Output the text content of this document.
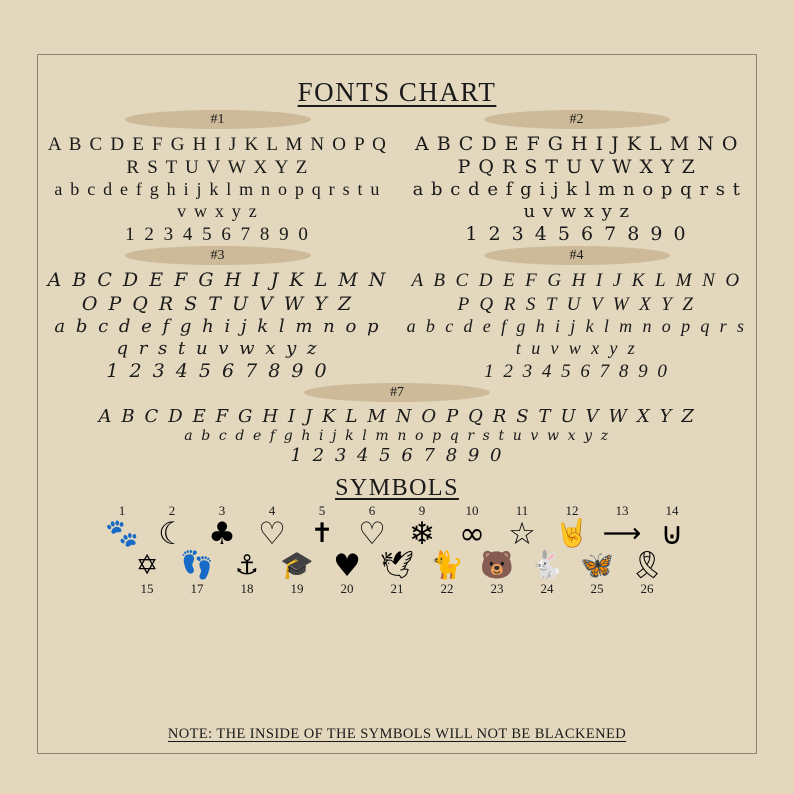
FONTS CHART
#1
A B C D E F G H I J K L M N O P Q R S T U V W X Y Z
a b c d e f g h i j k l m n o p q r s t u v w x y z
1 2 3 4 5 6 7 8 9 0
#2
A B C D E F G H I J K L M N O P Q R S T U V W X Y Z
a b c d e f g i j k l m n o p q r s t u v w x y z
1 2 3 4 5 6 7 8 9 0
#3
A B C D E F G H I J K L M N O P Q R S T U V W Y Z
a b c d e f g h i j k l m n o p q r s t u v w x y z
1 2 3 4 5 6 7 8 9 0
#4
A B C D E F G H I J K L M N O P Q R S T U V W X Y Z
a b c d e f g h i j k l m n o p q r s t u v w x y z
1 2 3 4 5 6 7 8 9 0
#7
A B C D E F G H I J K L M N O P Q R S T U V W X Y Z
a b c d e f g h i j k l m n o p q r s t u v w x y z
1 2 3 4 5 6 7 8 9 0
SYMBOLS
1
🐾
2
☾
3
♣
4
♡
5
✝
6
♡
9
❄
10
∞
11
☆
12
🤘
13
⟶
14
⊍
✡
15
👣
17
⚓
18
🎓
19
♥
20
🕊
21
🐈
22
🐻
23
🐇
24
🦋
25
🎗
26
NOTE: THE INSIDE OF THE SYMBOLS WILL NOT BE BLACKENED
